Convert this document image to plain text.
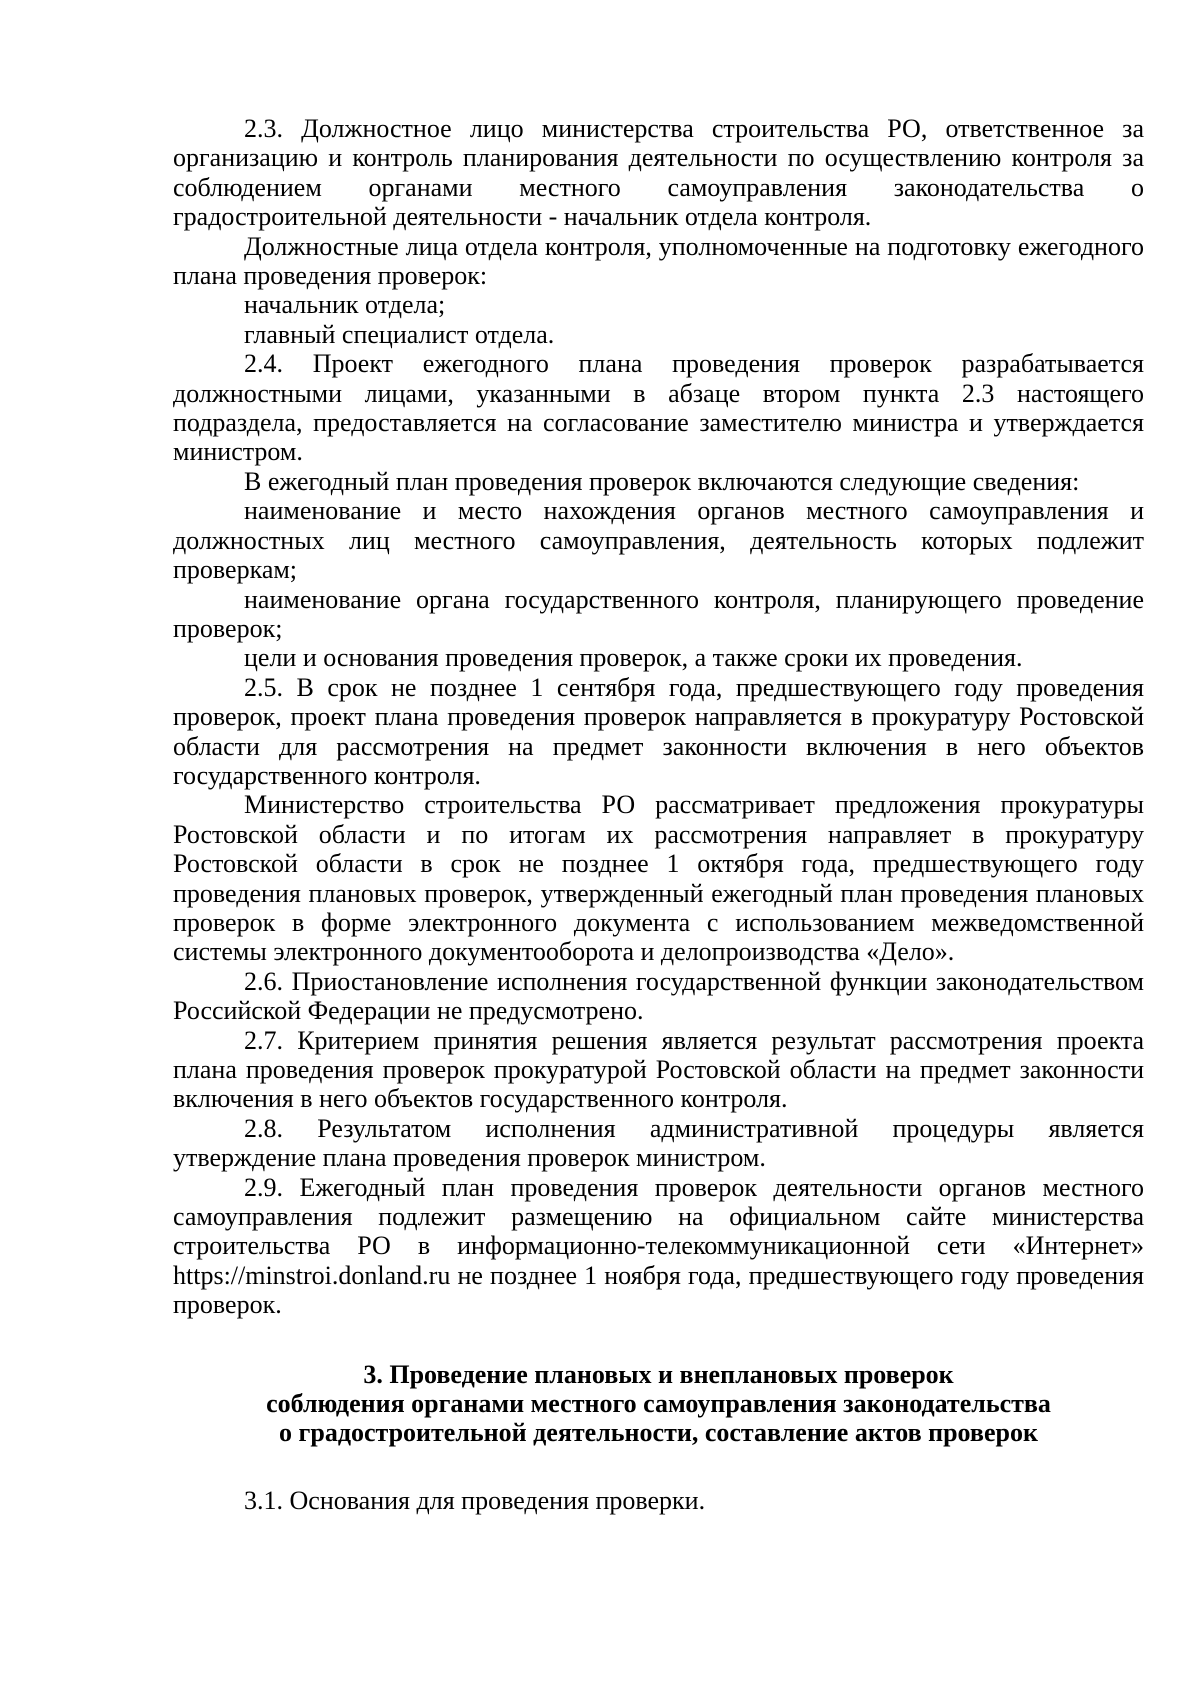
2.3. Должностное лицо министерства строительства РО, ответственное за организацию и контроль планирования деятельности по осуществлению контроля за соблюдением органами местного самоуправления законодательства о градостроительной деятельности - начальник отдела контроля.

Должностные лица отдела контроля, уполномоченные на подготовку ежегодного плана проведения проверок:

начальник отдела;

главный специалист отдела.

2.4. Проект ежегодного плана проведения проверок разрабатывается должностными лицами, указанными в абзаце втором пункта 2.3 настоящего подраздела, предоставляется на согласование заместителю министра и утверждается министром.

В ежегодный план проведения проверок включаются следующие сведения:

наименование и место нахождения органов местного самоуправления и должностных лиц местного самоуправления, деятельность которых подлежит проверкам;

наименование органа государственного контроля, планирующего проведение проверок;

цели и основания проведения проверок, а также сроки их проведения.

2.5. В срок не позднее 1 сентября года, предшествующего году проведения проверок, проект плана проведения проверок направляется в прокуратуру Ростовской области для рассмотрения на предмет законности включения в него объектов государственного контроля.

Министерство строительства РО рассматривает предложения прокуратуры Ростовской области и по итогам их рассмотрения направляет в прокуратуру Ростовской области в срок не позднее 1 октября года, предшествующего году проведения плановых проверок, утвержденный ежегодный план проведения плановых проверок в форме электронного документа с использованием межведомственной системы электронного документооборота и делопроизводства «Дело».

2.6. Приостановление исполнения государственной функции законодательством Российской Федерации не предусмотрено.

2.7. Критерием принятия решения является результат рассмотрения проекта плана проведения проверок прокуратурой Ростовской области на предмет законности включения в него объектов государственного контроля.

2.8. Результатом исполнения административной процедуры является утверждение плана проведения проверок министром.

2.9. Ежегодный план проведения проверок деятельности органов местного самоуправления подлежит размещению на официальном сайте министерства строительства РО в информационно-телекоммуникационной сети «Интернет» https://minstroi.donland.ru не позднее 1 ноября года, предшествующего году проведения проверок.

3. Проведение плановых и внеплановых проверок
соблюдения органами местного самоуправления законодательства
о градостроительной деятельности, составление актов проверок

3.1. Основания для проведения проверки.
